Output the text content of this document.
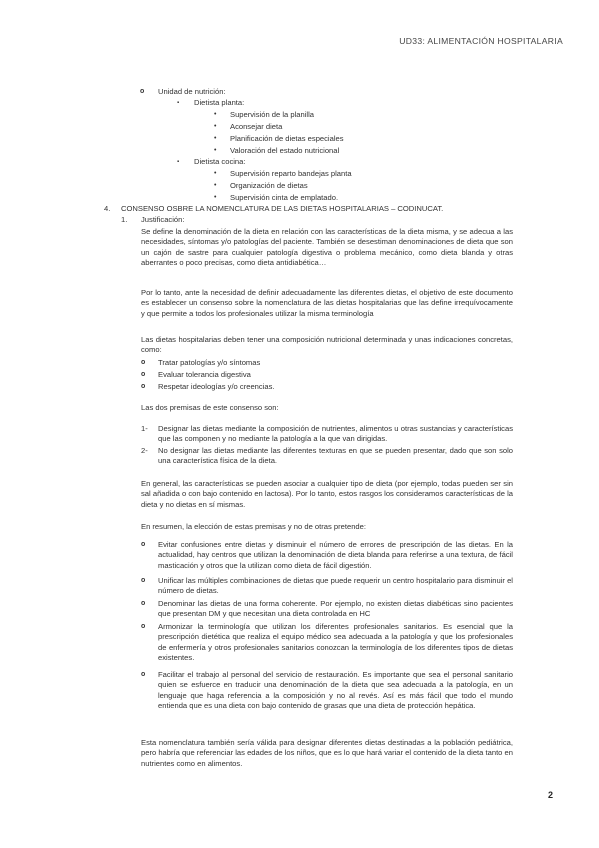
UD33: ALIMENTACIÓN HOSPITALARIA
o Unidad de nutrición:
▪ Dietista planta:
• Supervisión de la planilla
• Aconsejar dieta
• Planificación de dietas especiales
• Valoración del estado nutricional
▪ Dietista cocina:
• Supervisión reparto bandejas planta
• Organización de dietas
• Supervisión cinta de emplatado.
4. CONSENSO OSBRE LA NOMENCLATURA DE LAS DIETAS HOSPITALARIAS – CODINUCAT.
1. Justificación:
Se define la denominación de la dieta en relación con las características de la dieta misma, y se adecua a las necesidades, síntomas y/o patologías del paciente. También se desestiman denominaciones de dieta que son un cajón de sastre para cualquier patología digestiva o problema mecánico, como dieta blanda y otras aberrantes o poco precisas, como dieta antidiabética…
Por lo tanto, ante la necesidad de definir adecuadamente las diferentes dietas, el objetivo de este documento es establecer un consenso sobre la nomenclatura de las dietas hospitalarias que las define irrequívocamente y que permite a todos los profesionales utilizar la misma terminología
Las dietas hospitalarias deben tener una composición nutricional determinada y unas indicaciones concretas, como:
o Tratar patologías y/o síntomas
o Evaluar tolerancia digestiva
o Respetar ideologías y/o creencias.
Las dos premisas de este consenso son:
1- Designar las dietas mediante la composición de nutrientes, alimentos u otras sustancias y características que las componen y no mediante la patología a la que van dirigidas.
2- No designar las dietas mediante las diferentes texturas en que se pueden presentar, dado que son solo una característica física de la dieta.
En general, las características se pueden asociar a cualquier tipo de dieta (por ejemplo, todas pueden ser sin sal añadida o con bajo contenido en lactosa). Por lo tanto, estos rasgos los consideramos características de la dieta y no dietas en sí mismas.
En resumen, la elección de estas premisas y no de otras pretende:
o Evitar confusiones entre dietas y disminuir el número de errores de prescripción de las dietas. En la actualidad, hay centros que utilizan la denominación de dieta blanda para referirse a una textura, de fácil masticación y otros que la utilizan como dieta de fácil digestión.
o Unificar las múltiples combinaciones de dietas que puede requerir un centro hospitalario para disminuir el número de dietas.
o Denominar las dietas de una forma coherente. Por ejemplo, no existen dietas diabéticas sino pacientes que presentan DM y que necesitan una dieta controlada en HC
o Armonizar la terminología que utilizan los diferentes profesionales sanitarios. Es esencial que la prescripción dietética que realiza el equipo médico sea adecuada a la patología y que los profesionales de enfermería y otros profesionales sanitarios conozcan la terminología de los diferentes tipos de dietas existentes.
o Facilitar el trabajo al personal del servicio de restauración. Es importante que sea el personal sanitario quien se esfuerce en traducir una denominación de la dieta que sea adecuada a la patología, en un lenguaje que haga referencia a la composición y no al revés. Así es más fácil que todo el mundo entienda que es una dieta con bajo contenido de grasas que una dieta de protección hepática.
Esta nomenclatura también sería válida para designar diferentes dietas destinadas a la población pediátrica, pero habría que referenciar las edades de los niños, que es lo que hará variar el contenido de la dieta tanto en nutrientes como en alimentos.
2
